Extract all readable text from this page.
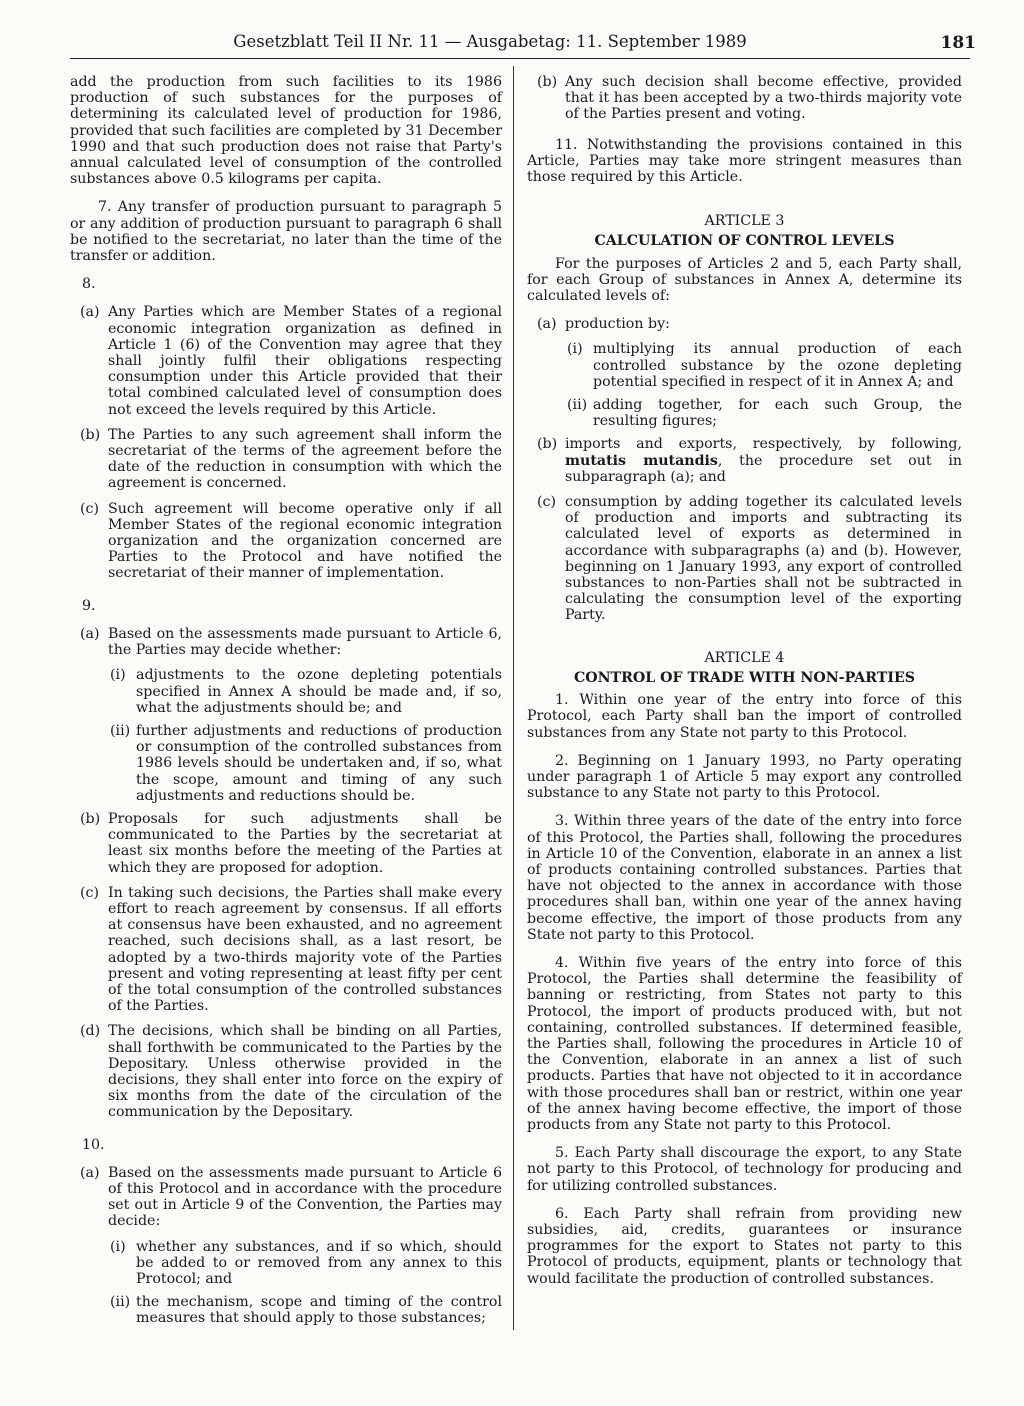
Gesetzblatt Teil II Nr. 11 — Ausgabetag: 11. September 1989	181

add the production from such facilities to its 1986 production of such substances for the purposes of determining its calculated level of production for 1986, provided that such facilities are completed by 31 December 1990 and that such production does not raise that Party's annual calculated level of consumption of the controlled substances above 0.5 kilograms per capita.

7. Any transfer of production pursuant to paragraph 5 or any addition of production pursuant to paragraph 6 shall be notified to the secretariat, no later than the time of the transfer or addition.

8.

(a) Any Parties which are Member States of a regional economic integration organization as defined in Article 1 (6) of the Convention may agree that they shall jointly fulfil their obligations respecting consumption under this Article provided that their total combined calculated level of consumption does not exceed the levels required by this Article.
(b) The Parties to any such agreement shall inform the secretariat of the terms of the agreement before the date of the reduction in consumption with which the agreement is concerned.
(c) Such agreement will become operative only if all Member States of the regional economic integration organization and the organization concerned are Parties to the Protocol and have notified the secretariat of their manner of implementation.

9.

(a) Based on the assessments made pursuant to Article 6, the Parties may decide whether:
(i) adjustments to the ozone depleting potentials specified in Annex A should be made and, if so, what the adjustments should be; and
(ii) further adjustments and reductions of production or consumption of the controlled substances from 1986 levels should be undertaken and, if so, what the scope, amount and timing of any such adjustments and reductions should be.
(b) Proposals for such adjustments shall be communicated to the Parties by the secretariat at least six months before the meeting of the Parties at which they are proposed for adoption.
(c) In taking such decisions, the Parties shall make every effort to reach agreement by consensus. If all efforts at consensus have been exhausted, and no agreement reached, such decisions shall, as a last resort, be adopted by a two-thirds majority vote of the Parties present and voting representing at least fifty per cent of the total consumption of the controlled substances of the Parties.
(d) The decisions, which shall be binding on all Parties, shall forthwith be communicated to the Parties by the Depositary. Unless otherwise provided in the decisions, they shall enter into force on the expiry of six months from the date of the circulation of the communication by the Depositary.

10.

(a) Based on the assessments made pursuant to Article 6 of this Protocol and in accordance with the procedure set out in Article 9 of the Convention, the Parties may decide:
(i) whether any substances, and if so which, should be added to or removed from any annex to this Protocol; and
(ii) the mechanism, scope and timing of the control measures that should apply to those substances;
(b) Any such decision shall become effective, provided that it has been accepted by a two-thirds majority vote of the Parties present and voting.

11. Notwithstanding the provisions contained in this Article, Parties may take more stringent measures than those required by this Article.

ARTICLE 3

CALCULATION OF CONTROL LEVELS

For the purposes of Articles 2 and 5, each Party shall, for each Group of substances in Annex A, determine its calculated levels of:

(a) production by:
(i) multiplying its annual production of each controlled substance by the ozone depleting potential specified in respect of it in Annex A; and
(ii) adding together, for each such Group, the resulting figures;
(b) imports and exports, respectively, by following, mutatis mutandis, the procedure set out in subparagraph (a); and
(c) consumption by adding together its calculated levels of production and imports and subtracting its calculated level of exports as determined in accordance with subparagraphs (a) and (b). However, beginning on 1 January 1993, any export of controlled substances to non-Parties shall not be subtracted in calculating the consumption level of the exporting Party.

ARTICLE 4

CONTROL OF TRADE WITH NON-PARTIES

1. Within one year of the entry into force of this Protocol, each Party shall ban the import of controlled substances from any State not party to this Protocol.

2. Beginning on 1 January 1993, no Party operating under paragraph 1 of Article 5 may export any controlled substance to any State not party to this Protocol.

3. Within three years of the date of the entry into force of this Protocol, the Parties shall, following the procedures in Article 10 of the Convention, elaborate in an annex a list of products containing controlled substances. Parties that have not objected to the annex in accordance with those procedures shall ban, within one year of the annex having become effective, the import of those products from any State not party to this Protocol.

4. Within five years of the entry into force of this Protocol, the Parties shall determine the feasibility of banning or restricting, from States not party to this Protocol, the import of products produced with, but not containing, controlled substances. If determined feasible, the Parties shall, following the procedures in Article 10 of the Convention, elaborate in an annex a list of such products. Parties that have not objected to it in accordance with those procedures shall ban or restrict, within one year of the annex having become effective, the import of those products from any State not party to this Protocol.

5. Each Party shall discourage the export, to any State not party to this Protocol, of technology for producing and for utilizing controlled substances.

6. Each Party shall refrain from providing new subsidies, aid, credits, guarantees or insurance programmes for the export to States not party to this Protocol of products, equipment, plants or technology that would facilitate the production of controlled substances.
